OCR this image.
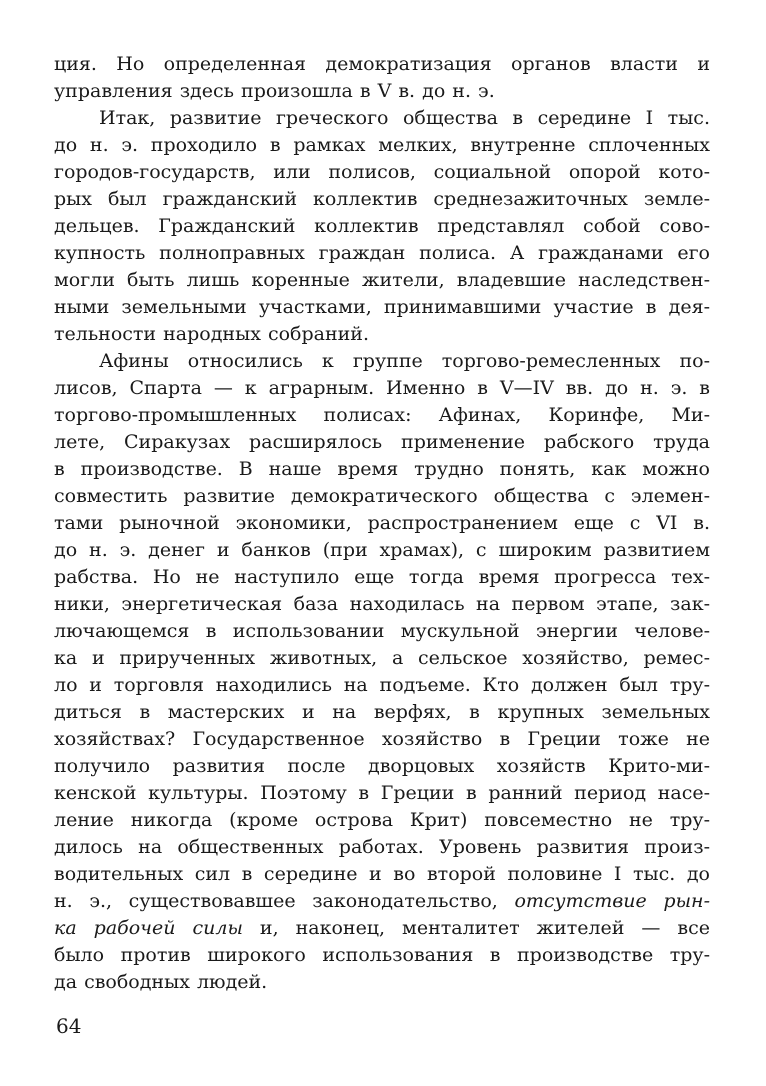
ция. Но определенная демократизация органов власти и
управления здесь произошла в V в. до н. э.
Итак, развитие греческого общества в середине I тыс.
до н. э. проходило в рамках мелких, внутренне сплоченных
городов-государств, или полисов, социальной опорой кото-
рых был гражданский коллектив среднезажиточных земле-
дельцев. Гражданский коллектив представлял собой сово-
купность полноправных граждан полиса. А гражданами его
могли быть лишь коренные жители, владевшие наследствен-
ными земельными участками, принимавшими участие в дея-
тельности народных собраний.
Афины относились к группе торгово-ремесленных по-
лисов, Спарта — к аграрным. Именно в V—IV вв. до н. э. в
торгово-промышленных полисах: Афинах, Коринфе, Ми-
лете, Сиракузах расширялось применение рабского труда
в производстве. В наше время трудно понять, как можно
совместить развитие демократического общества с элемен-
тами рыночной экономики, распространением еще с VI в.
до н. э. денег и банков (при храмах), с широким развитием
рабства. Но не наступило еще тогда время прогресса тех-
ники, энергетическая база находилась на первом этапе, зак-
лючающемся в использовании мускульной энергии челове-
ка и прирученных животных, а сельское хозяйство, ремес-
ло и торговля находились на подъеме. Кто должен был тру-
диться в мастерских и на верфях, в крупных земельных
хозяйствах? Государственное хозяйство в Греции тоже не
получило развития после дворцовых хозяйств Крито-ми-
кенской культуры. Поэтому в Греции в ранний период насе-
ление никогда (кроме острова Крит) повсеместно не тру-
дилось на общественных работах. Уровень развития произ-
водительных сил в середине и во второй половине I тыс. до
н. э., существовавшее законодательство, отсутствие рын-
ка рабочей силы и, наконец, менталитет жителей — все
было против широкого использования в производстве тру-
да свободных людей.
64
